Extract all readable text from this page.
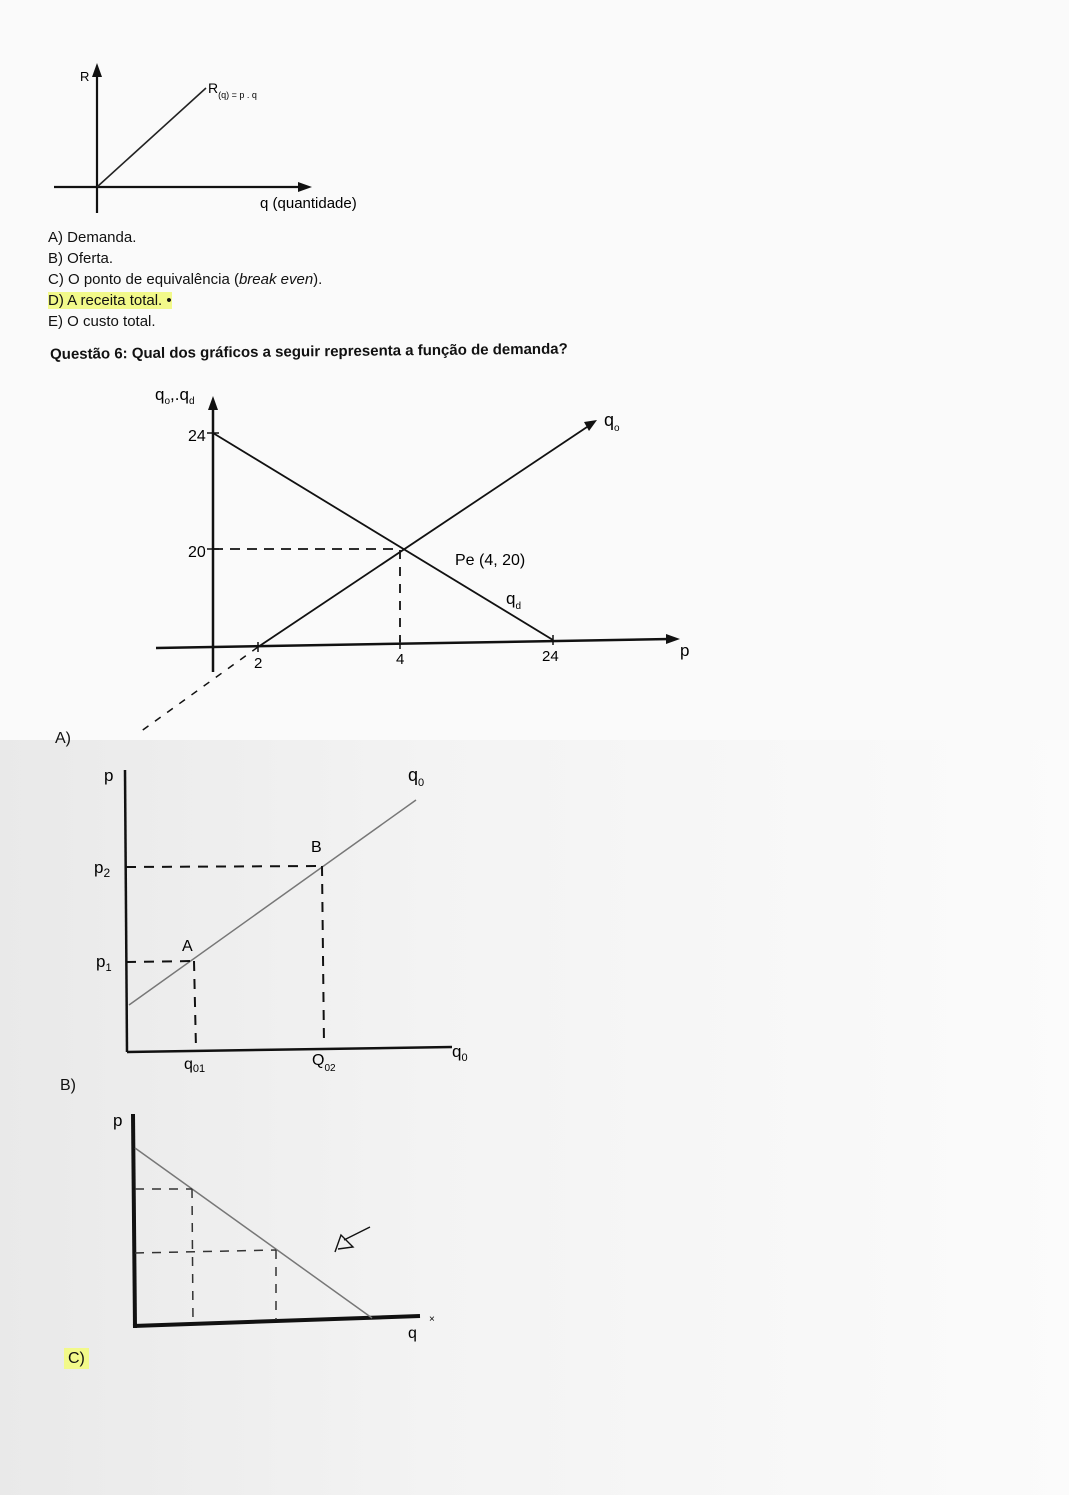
R
$R_{(q)} = p$ . q
q (quantidade)
A) Demanda.
B) Oferta.
C) O ponto de equivalência (break even).
D) A receita total. •
E) O custo total.
Questão 6: Qual dos gráficos a seguir representa a função de demanda?
$q_o,.q_d$
24
20
2	4	24	p
$q_o$
$q_d$
Pe (4, 20)
A)
p
$p_2$
$p_1$
A
B
$q_0$
q01	$Q_{02}$
$q_0$
B)
p
q
×
C)
